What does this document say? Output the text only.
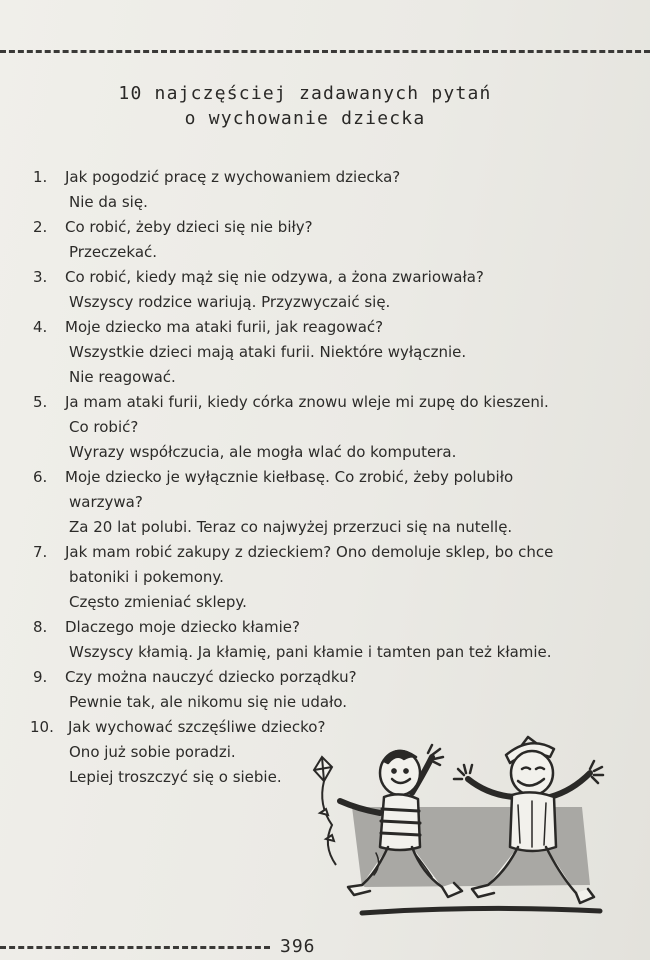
10 najczęściej zadawanych pytań
o wychowanie dziecka
1. Jak pogodzić pracę z wychowaniem dziecka?
Nie da się.
2. Co robić, żeby dzieci się nie biły?
Przeczekać.
3. Co robić, kiedy mąż się nie odzywa, a żona zwariowała?
Wszyscy rodzice wariują. Przyzwyczaić się.
4. Moje dziecko ma ataki furii, jak reagować?
Wszystkie dzieci mają ataki furii. Niektóre wyłącznie.
Nie reagować.
5. Ja mam ataki furii, kiedy córka znowu wleje mi zupę do kieszeni.
Co robić?
Wyrazy współczucia, ale mogła wlać do komputera.
6. Moje dziecko je wyłącznie kiełbasę. Co zrobić, żeby polubiło
warzywa?
Za 20 lat polubi. Teraz co najwyżej przerzuci się na nutellę.
7. Jak mam robić zakupy z dzieckiem? Ono demoluje sklep, bo chce
batoniki i pokemony.
Często zmieniać sklepy.
8. Dlaczego moje dziecko kłamie?
Wszyscy kłamią. Ja kłamię, pani kłamie i tamten pan też kłamie.
9. Czy można nauczyć dziecko porządku?
Pewnie tak, ale nikomu się nie udało.
10. Jak wychować szczęśliwe dziecko?
Ono już sobie poradzi.
Lepiej troszczyć się o siebie.
396
